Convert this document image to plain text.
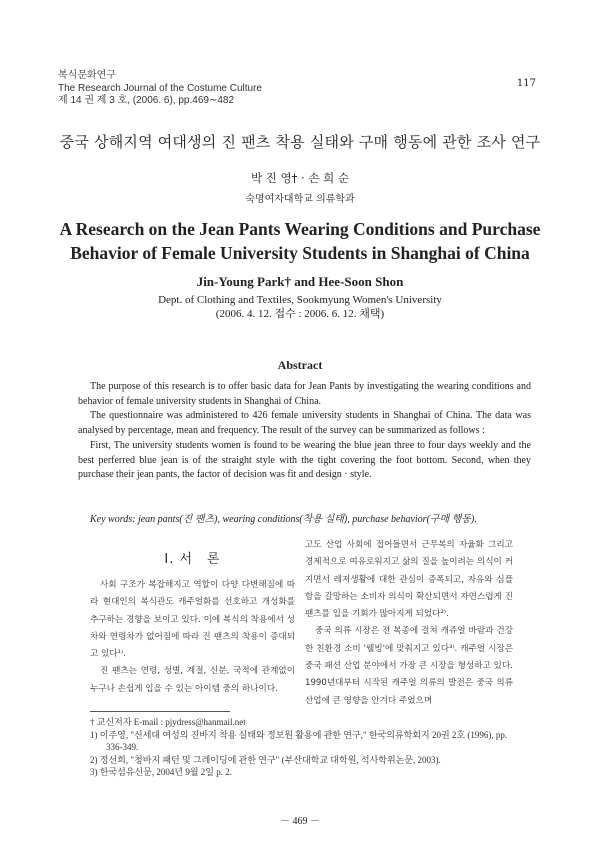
복식문화연구
The Research Journal of the Costume Culture
제 14 권 제 3 호, (2006. 6), pp.469∼482
117
중국 상해지역 여대생의 진 팬츠 착용 실태와 구매 행동에 관한 조사 연구
박 진 영† · 손 희 순
숙명여자대학교 의류학과
A Research on the Jean Pants Wearing Conditions and Purchase
Behavior of Female University Students in Shanghai of China
Jin-Young Park† and Hee-Soon Shon
Dept. of Clothing and Textiles, Sookmyung Women's University
(2006. 4. 12. 접수 : 2006. 6. 12. 채택)
Abstract

The purpose of this research is to offer basic data for Jean Pants by investigating the wearing conditions and behavior of female university students in Shanghai of China.

The questionnaire was administered to 426 female university students in Shanghai of China. The data was analysed by percentage, mean and frequency. The result of the survey can be summarized as follows :

First, The university students women is found to be wearing the blue jean three to four days weekly and the best perferred blue jean is of the straight style with the tight covering the foot bottom. Second, when they purchase their jean pants, the factor of decision was fit and design · style.

Key words: jean pants(진 팬츠), wearing conditions(착용 실태), purchase behavior(구매 행동).
Ⅰ. 서　론

사회 구조가 복잡해지고 역할이 다양 다변해짐에 따라 현대인의 복식관도 캐주얼화를 선호하고 개성화를 추구하는 경향을 보이고 있다. 이에 복식의 착용에서 성차와 연령차가 없어짐에 따라 진 팬츠의 착용이 증대되고 있다¹⁾.

진 팬츠는 연령, 성별, 계절, 신분, 국적에 관계없이 누구나 손쉽게 입을 수 있는 아이템 중의 하나이다.

고도 산업 사회에 접어들면서 근무복의 자율화 그리고 경제적으로 여유로워지고 삶의 질을 높이려는 의식이 커지면서 레저생활에 대한 관심이 증폭되고, 자유와 심플함을 갈망하는 소비자 의식이 확산되면서 자연스럽게 진 팬츠를 입을 기회가 많아지게 되었다²⁾.

중국 의류 시장은 전 복종에 걸쳐 캐쥬얼 바람과 건강한 친환경 소비 '웰빙'에 맞춰지고 있다³⁾. 캐주얼 시장은 중국 패션 산업 분야에서 가장 큰 시장을 형성하고 있다. 1990년대부터 시작된 캐주얼 의류의 발전은 중국 의류 산업에 큰 영향을 안겨다 주었으며

† 교신저자 E-mail : pjydress@hanmail.net
1) 이주영, "신세대 여성의 진바지 착용 실태와 정보원 활용에 관한 연구," 한국의류학회지 20권 2호 (1996), pp.
336-349.
2) 정선희, "청바지 패턴 및 그레이딩에 관한 연구" (부산대학교 대학원, 석사학위논문, 2003).
3) 한국섬유신문, 2004년 9월 2일 p. 2.
－ 469 －
